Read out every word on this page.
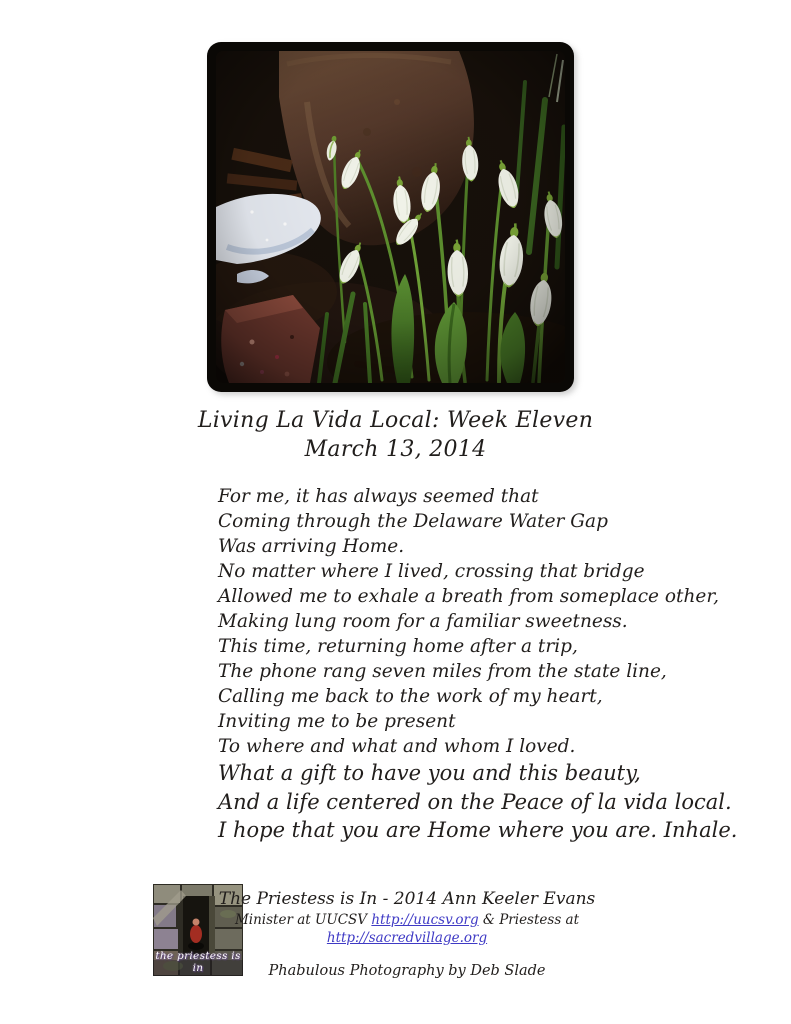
Living La Vida Local: Week Eleven
March 13, 2014

For me, it has always seemed that

Coming through the Delaware Water Gap

Was arriving Home.

No matter where I lived, crossing that bridge

Allowed me to exhale a breath from someplace other,

Making lung room for a familiar sweetness.

This time, returning home after a trip,

The phone rang seven miles from the state line,

Calling me back to the work of my heart,

Inviting me to be present

To where and what and whom I loved.

What a gift to have you and this beauty,

And a life centered on the Peace of la vida local.

I hope that you are Home where you are. Inhale.

the priestess is in
The Priestess is In - 2014 Ann Keeler Evans
Minister at UUCSV http://uucsv.org & Priestess at http://sacredvillage.org
Phabulous Photography by Deb Slade
